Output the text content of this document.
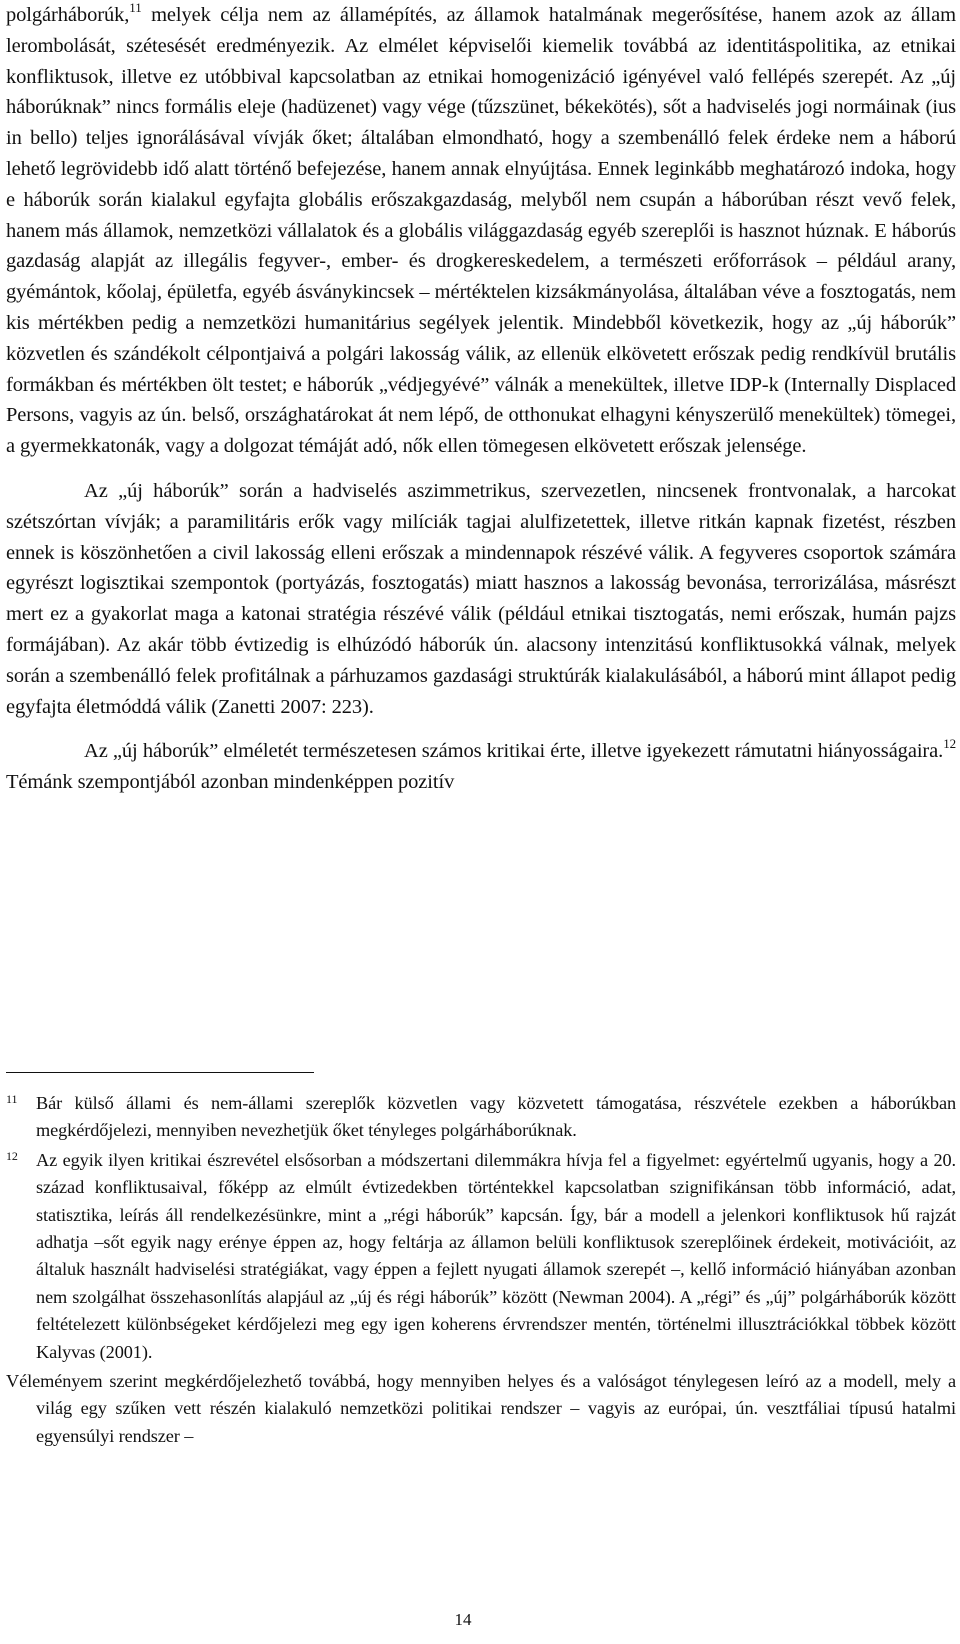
polgárháborúk,$^{11}$ melyek célja nem az államépítés, az államok hatalmának megerősítése, hanem azok az állam lerombolását, szétesését eredményezik. Az elmélet képviselői kiemelik továbbá az identitáspolitika, az etnikai konfliktusok, illetve ez utóbbival kapcsolatban az etnikai homogenizáció igényével való fellépés szerepét. Az „új háborúknak” nincs formális eleje (hadüzenet) vagy vége (tűzszünet, békekötés), sőt a hadviselés jogi normáinak (ius in bello) teljes ignorálásával vívják őket; általában elmondható, hogy a szembenálló felek érdeke nem a háború lehető legrövidebb idő alatt történő befejezése, hanem annak elnyújtása. Ennek leginkább meghatározó indoka, hogy e háborúk során kialakul egyfajta globális erőszakgazdaság, melyből nem csupán a háborúban részt vevő felek, hanem más államok, nemzetközi vállalatok és a globális világgazdaság egyéb szereplői is hasznot húznak. E háborús gazdaság alapját az illegális fegyver-, ember- és drogkereskedelem, a természeti erőforrások – például arany, gyémántok, kőolaj, épületfa, egyéb ásványkincsek – mértéktelen kizsákmányolása, általában véve a fosztogatás, nem kis mértékben pedig a nemzetközi humanitárius segélyek jelentik. Mindebből következik, hogy az „új háborúk” közvetlen és szándékolt célpontjaivá a polgári lakosság válik, az ellenük elkövetett erőszak pedig rendkívül brutális formákban és mértékben ölt testet; e háborúk „védjegyévé” válnák a menekültek, illetve IDP-k (Internally Displaced Persons, vagyis az ún. belső, országhatárokat át nem lépő, de otthonukat elhagyni kényszerülő menekültek) tömegei, a gyermekkatonák, vagy a dolgozat témáját adó, nők ellen tömegesen elkövetett erőszak jelensége.

Az „új háborúk” során a hadviselés aszimmetrikus, szervezetlen, nincsenek frontvonalak, a harcokat szétszórtan vívják; a paramilitáris erők vagy milíciák tagjai alulfizetettek, illetve ritkán kapnak fizetést, részben ennek is köszönhetően a civil lakosság elleni erőszak a mindennapok részévé válik. A fegyveres csoportok számára egyrészt logisztikai szempontok (portyázás, fosztogatás) miatt hasznos a lakosság bevonása, terrorizálása, másrészt mert ez a gyakorlat maga a katonai stratégia részévé válik (például etnikai tisztogatás, nemi erőszak, humán pajzs formájában). Az akár több évtizedig is elhúzódó háborúk ún. alacsony intenzitású konfliktusokká válnak, melyek során a szembenálló felek profitálnak a párhuzamos gazdasági struktúrák kialakulásából, a háború mint állapot pedig egyfajta életmóddá válik (Zanetti 2007: 223).

Az „új háborúk” elméletét természetesen számos kritikai érte, illetve igyekezett rámutatni hiányosságaira.$^{12}$ Témánk szempontjából azonban mindenképpen pozitív

11 Bár külső állami és nem-állami szereplők közvetlen vagy közvetett támogatása, részvétele ezekben a háborúkban megkérdőjelezi, mennyiben nevezhetjük őket tényleges polgárháborúknak.

12 Az egyik ilyen kritikai észrevétel elsősorban a módszertani dilemmákra hívja fel a figyelmet: egyértelmű ugyanis, hogy a 20. század konfliktusaival, főképp az elmúlt évtizedekben történtekkel kapcsolatban szignifikánsan több információ, adat, statisztika, leírás áll rendelkezésünkre, mint a „régi háborúk” kapcsán. Így, bár a modell a jelenkori konfliktusok hű rajzát adhatja –sőt egyik nagy erénye éppen az, hogy feltárja az államon belüli konfliktusok szereplőinek érdekeit, motivációit, az általuk használt hadviselési stratégiákat, vagy éppen a fejlett nyugati államok szerepét –, kellő információ hiányában azonban nem szolgálhat összehasonlítás alapjául az „új és régi háborúk” között (Newman 2004). A „régi” és „új” polgárháborúk között feltételezett különbségeket kérdőjelezi meg egy igen koherens érvrendszer mentén, történelmi illusztrációkkal többek között Kalyvas (2001).

Véleményem szerint megkérdőjelezhető továbbá, hogy mennyiben helyes és a valóságot ténylegesen leíró az a modell, mely a világ egy szűken vett részén kialakuló nemzetközi politikai rendszer – vagyis az európai, ún. vesztfáliai típusú hatalmi egyensúlyi rendszer –

14
